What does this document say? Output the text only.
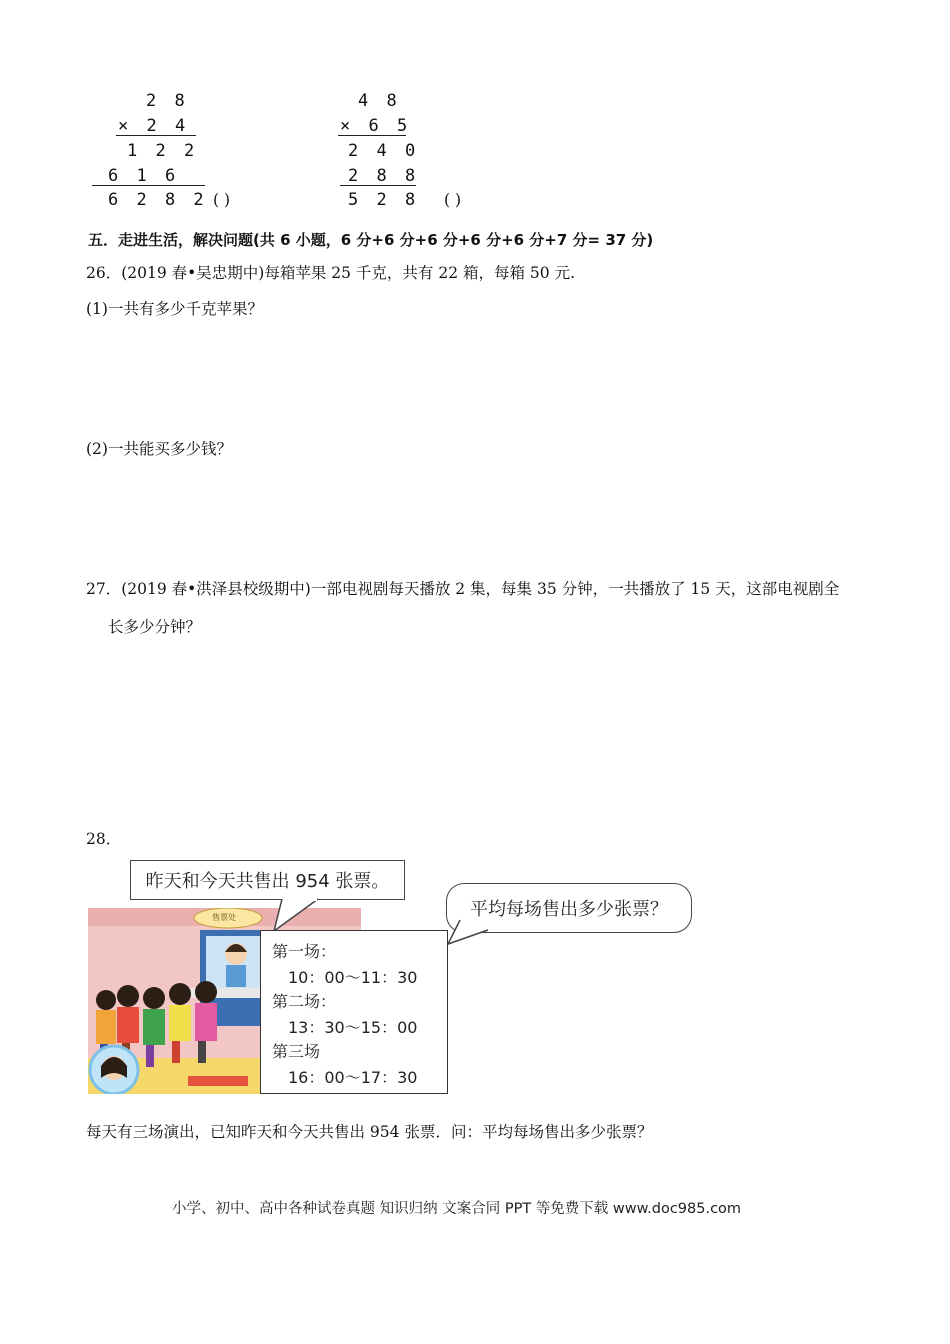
2 8
× 2 4
1 2 2
6 1 6
6 2 8 2 ( )
4 8
× 6 5
2 4 0
2 8 8
5 2 8 ( )
五．走进生活，解决问题(共 6 小题，6 分+6 分+6 分+6 分+6 分+7 分= 37 分)
26．(2019 春•吴忠期中)每箱苹果 25 千克，共有 22 箱，每箱 50 元.
(1)一共有多少千克苹果？
(2)一共能买多少钱？
27．(2019 春•洪泽县校级期中)一部电视剧每天播放 2 集，每集 35 分钟，一共播放了 15 天，这部电视剧全
长多少分钟？
28．
昨天和今天共售出 954 张票。
平均每场售出多少张票？
第一场：
10：00～11：30
第二场：
13：30～15：00
第三场
16：00～17：30
售票处
每天有三场演出，已知昨天和今天共售出 954 张票．问：平均每场售出多少张票？
小学、初中、高中各种试卷真题 知识归纳 文案合同 PPT 等免费下载 www.doc985.com
